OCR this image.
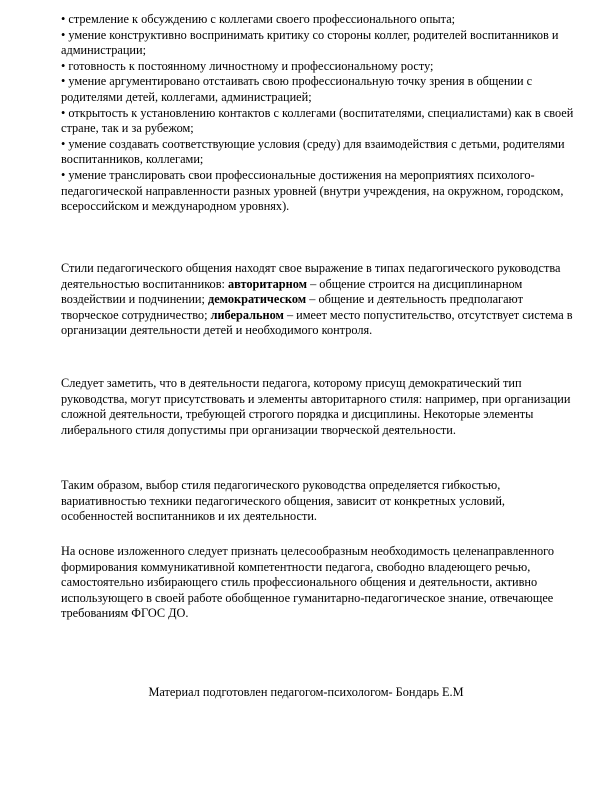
• стремление к обсуждению с коллегами своего профессионального опыта;
• умение конструктивно воспринимать критику со стороны коллег, родителей воспитанников и администрации;
• готовность к постоянному личностному и профессиональному росту;
• умение аргументировано отстаивать свою профессиональную точку зрения в общении с родителями детей, коллегами, администрацией;
• открытость к установлению контактов с коллегами (воспитателями, специалистами) как в своей стране, так и за рубежом;
• умение создавать соответствующие условия (среду) для взаимодействия с детьми, родителями воспитанников, коллегами;
• умение транслировать свои профессиональные достижения на мероприятиях психолого-педагогической направленности разных уровней (внутри учреждения, на окружном, городском, всероссийском и международном уровнях).

Стили педагогического общения находят свое выражение в типах педагогического руководства деятельностью воспитанников: авторитарном – общение строится на дисциплинарном воздействии и подчинении; демократическом – общение и деятельность предполагают творческое сотрудничество; либеральном – имеет место попустительство, отсутствует система в организации деятельности детей и необходимого контроля.

Следует заметить, что в деятельности педагога, которому присущ демократический тип руководства, могут присутствовать и элементы авторитарного стиля: например, при организации сложной деятельности, требующей строгого порядка и дисциплины. Некоторые элементы либерального стиля допустимы при организации творческой деятельности.

Таким образом, выбор стиля педагогического руководства определяется гибкостью, вариативностью техники педагогического общения, зависит от конкретных условий, особенностей воспитанников и их деятельности.

На основе изложенного следует признать целесообразным необходимость целенаправленного формирования коммуникативной компетентности педагога, свободно владеющего речью, самостоятельно избирающего стиль профессионального общения и деятельности, активно использующего в своей работе обобщенное гуманитарно-педагогическое знание, отвечающее требованиям ФГОС ДО.

Материал подготовлен педагогом-психологом- Бондарь Е.М
